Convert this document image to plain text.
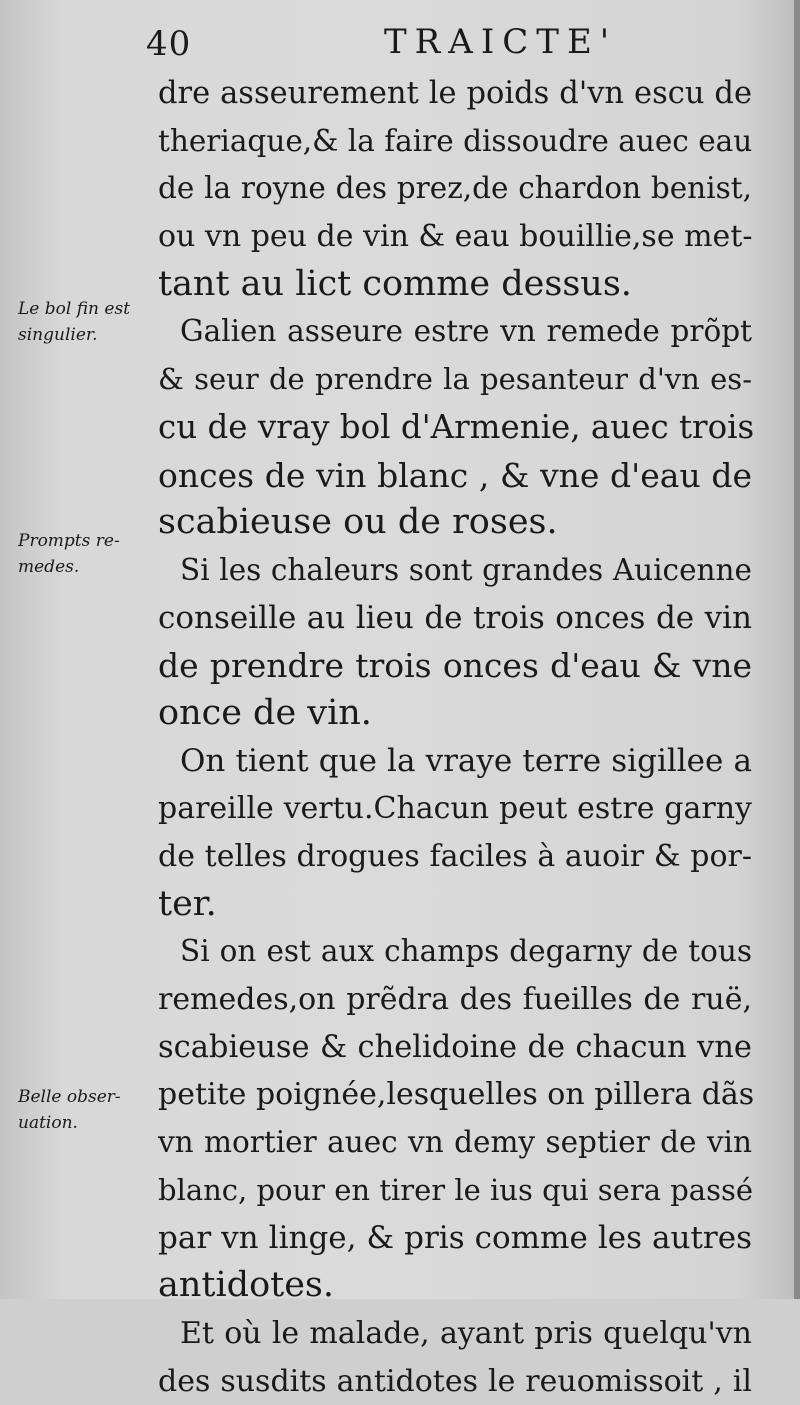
40	TRAICTE'
Le bol fin est
singulier.
Prompts re-
medes.
Belle obser-
uation.
dre asseurement le poids d'vn escu de
theriaque,& la faire dissoudre auec eau
de la royne des prez,de chardon benist,
ou vn peu de vin & eau bouillie,se met-
tant au lict comme dessus.
Galien asseure estre vn remede prõpt
& seur de prendre la pesanteur d'vn es-
cu de vray bol d'Armenie, auec trois
onces de vin blanc , & vne d'eau de
scabieuse ou de roses.
Si les chaleurs sont grandes Auicenne
conseille au lieu de trois onces de vin
de prendre trois onces d'eau & vne
once de vin.
On tient que la vraye terre sigillee a
pareille vertu.Chacun peut estre garny
de telles drogues faciles à auoir & por-
ter.
Si on est aux champs degarny de tous
remedes,on prẽdra des fueilles de ruë,
scabieuse & chelidoine de chacun vne
petite poignée,lesquelles on pillera dãs
vn mortier auec vn demy septier de vin
blanc, pour en tirer le ius qui sera passé
par vn linge, & pris comme les autres
antidotes.
Et où le malade, ayant pris quelqu'vn
des susdits antidotes le reuomissoit , il
